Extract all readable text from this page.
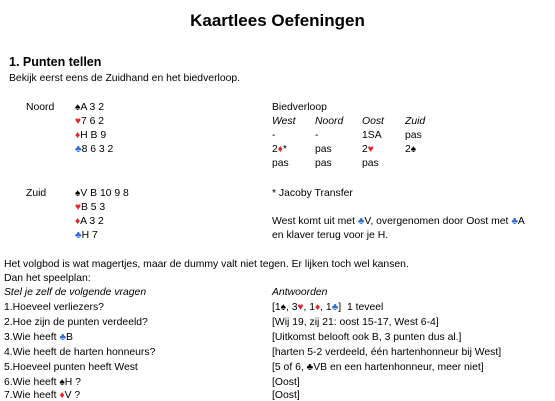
Kaartlees Oefeningen
1. Punten tellen
Bekijk eerst eens de Zuidhand en het biedverloop.
Noord ♠A 3 2
♥7 6 2
♦H B 9
♣8 6 3 2
Biedverloop
West Noord Oost Zuid
-	-	1SA pas
2♦*	pas	2♥	2♠
pas	pas	pas
Zuid	♠V B 10 9 8
♥B 5 3
♦A 3 2
♣H 7
* Jacoby Transfer
West komt uit met ♣V, overgenomen door Oost met ♣A
en klaver terug voor je H.
Het volgbod is wat magertjes, maar de dummy valt niet tegen. Er lijken toch wel kansen.
Dan het speelplan:
Stel je zelf de volgende vragen	Antwoorden
1.Hoeveel verliezers?	[1♠, 3♥, 1♦, 1♣] 1 teveel
2.Hoe zijn de punten verdeeld?	[Wij 19, zij 21: oost 15-17, West 6-4]
3.Wie heeft ♣B	[Uitkomst belooft ook B, 3 punten dus al.]
4.Wie heeft de harten honneurs?	[harten 5-2 verdeeld, één hartenhonneur bij West]
5.Hoeveel punten heeft West	[5 of 6, ♣VB en een hartenhonneur, meer niet]
6.Wie heeft ♠H ?	[Oost]
7.Wie heeft ♦V ?	[Oost]
